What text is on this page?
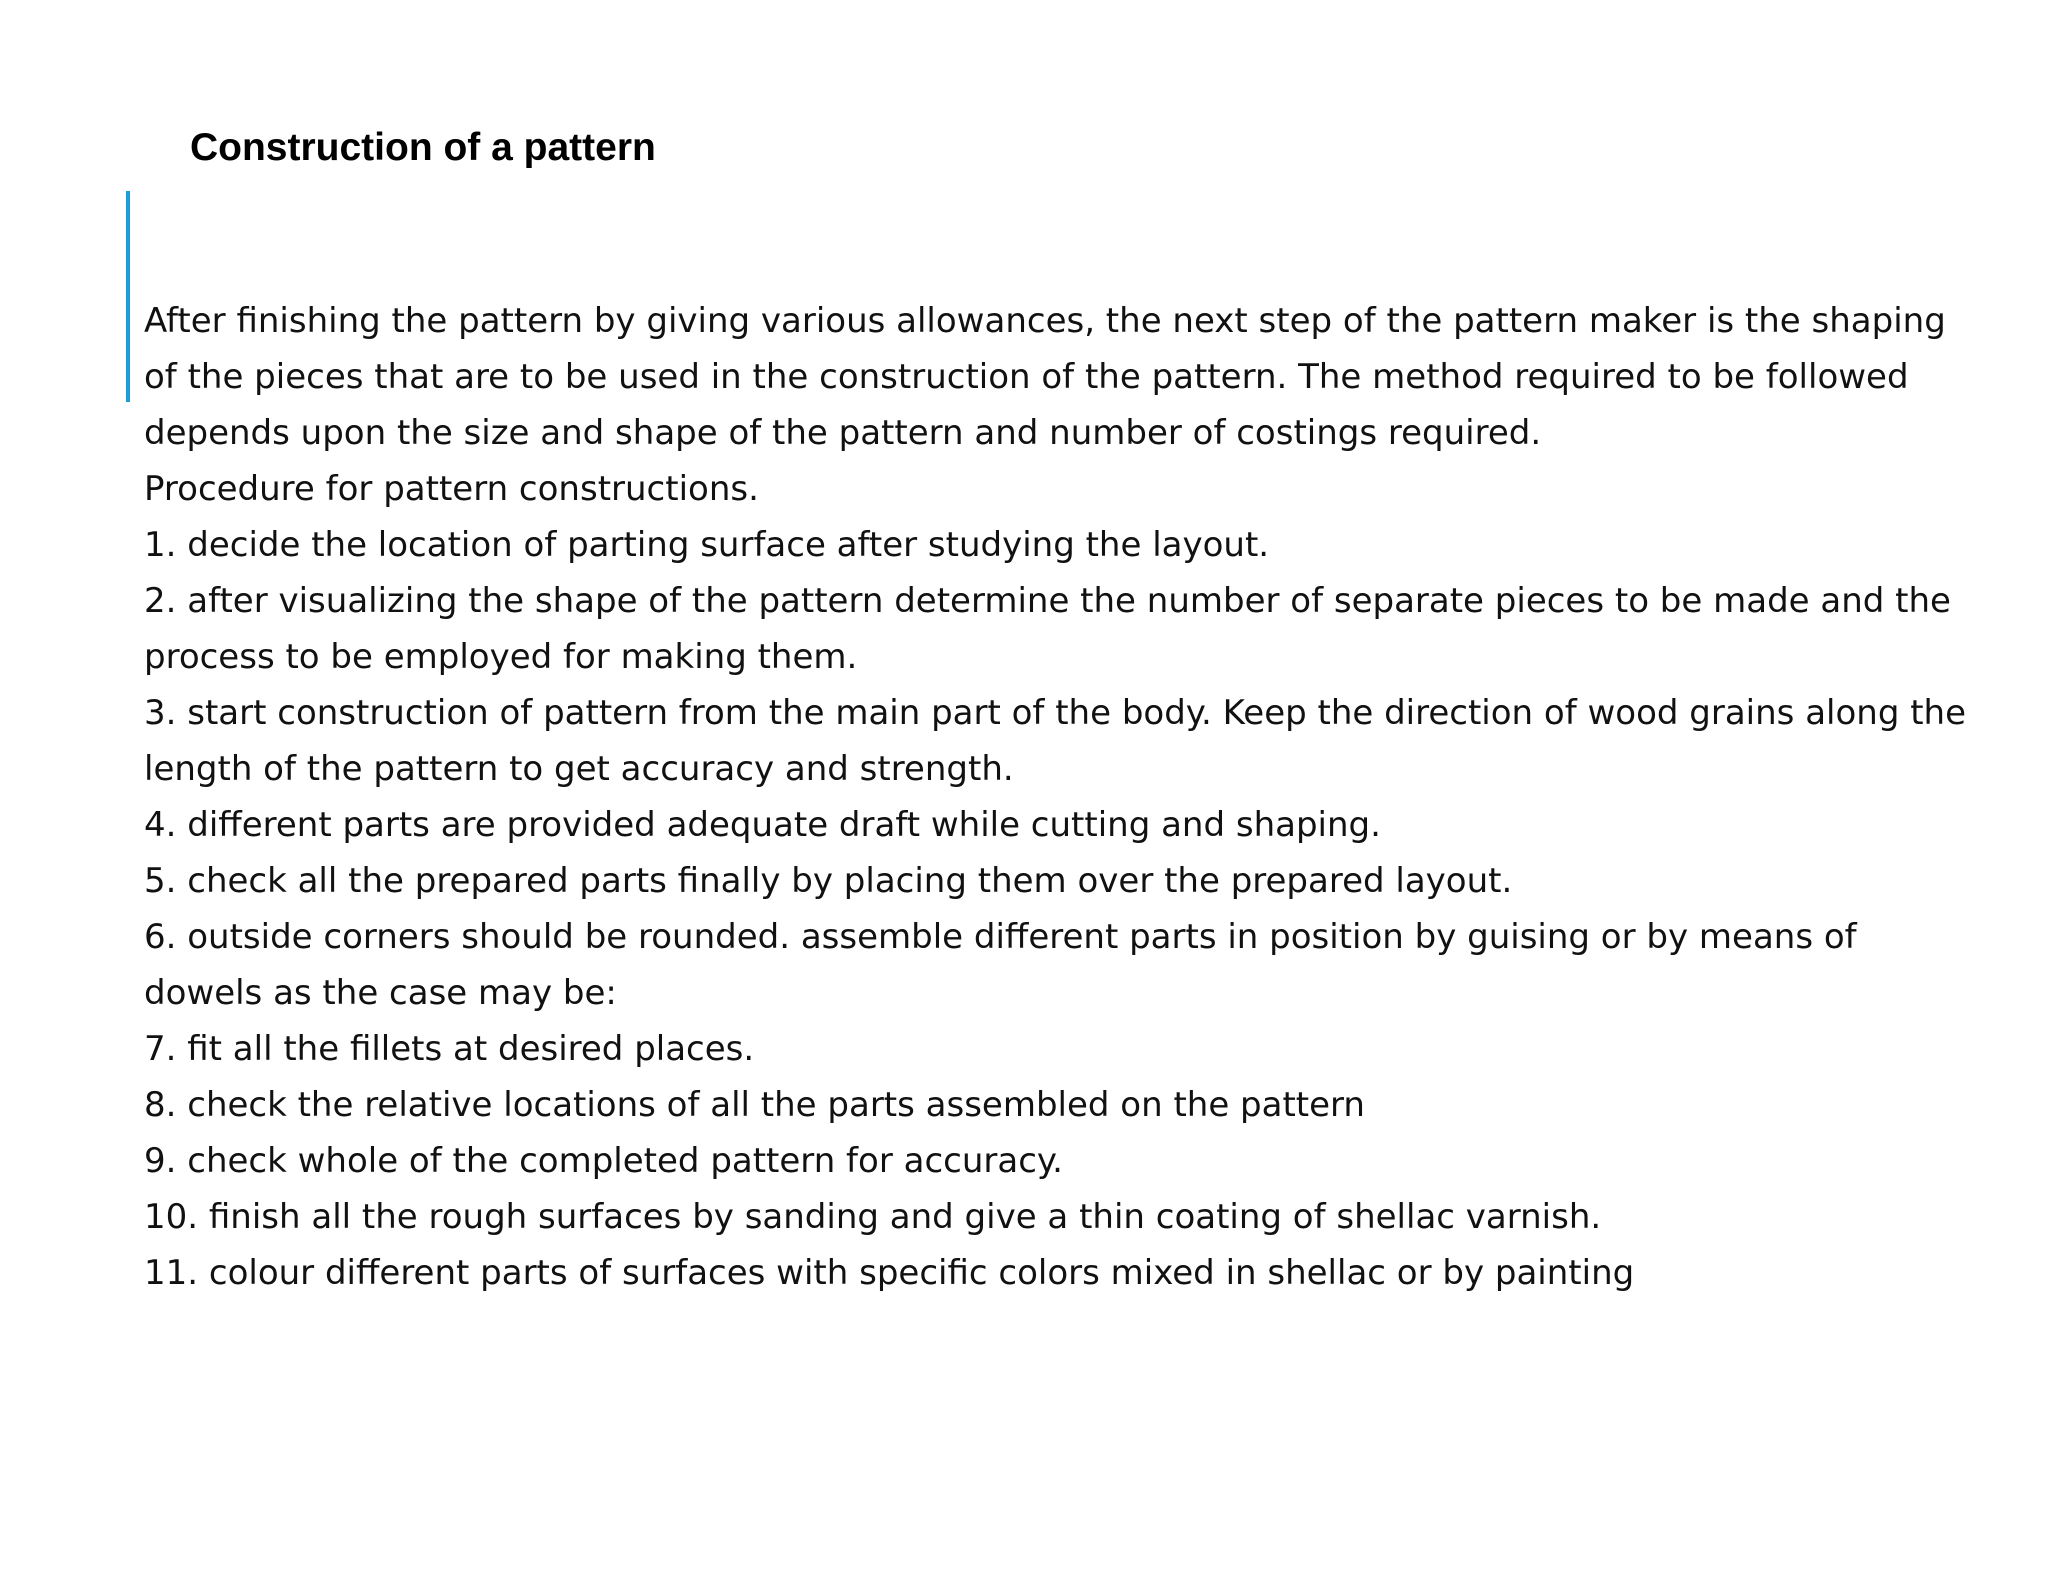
Construction of a pattern

After finishing the pattern by giving various allowances, the next step of the pattern maker is the shaping of the pieces that are to be used in the construction of the pattern. The method required to be followed depends upon the size and shape of the pattern and number of costings required.

Procedure for pattern constructions.

1. decide the location of parting surface after studying the layout.

2. after visualizing the shape of the pattern determine the number of separate pieces to be made and the process to be employed for making them.

3. start construction of pattern from the main part of the body. Keep the direction of wood grains along the length of the pattern to get accuracy and strength.

4. different parts are provided adequate draft while cutting and shaping.

5. check all the prepared parts finally by placing them over the prepared layout.

6. outside corners should be rounded. assemble different parts in position by guising or by means of dowels as the case may be:

7. fit all the fillets at desired places.

8. check the relative locations of all the parts assembled on the pattern

9. check whole of the completed pattern for accuracy.

10. finish all the rough surfaces by sanding and give a thin coating of shellac varnish.

11. colour different parts of surfaces with specific colors mixed in shellac or by painting
